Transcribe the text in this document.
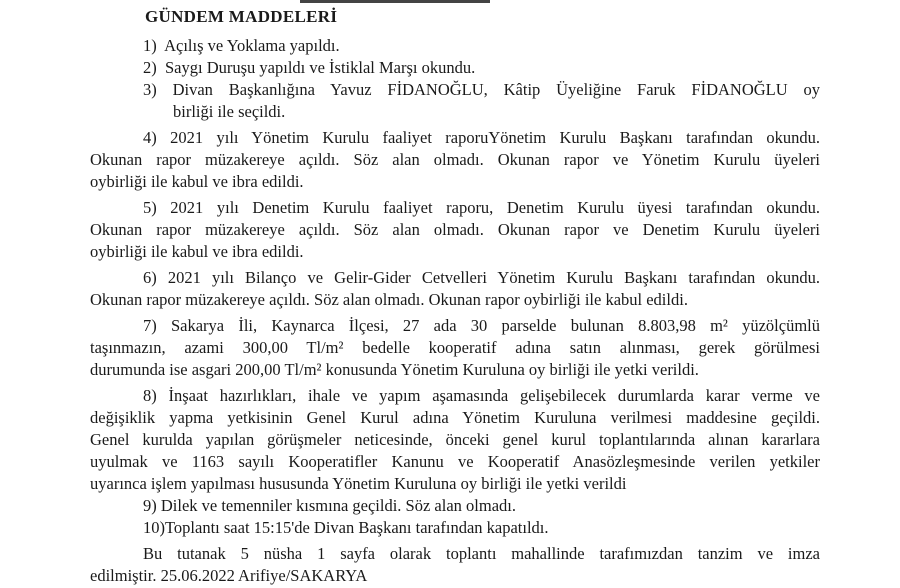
GÜNDEM MADDELERİ
1)  Açılış ve Yoklama yapıldı.
2)  Saygı Duruşu yapıldı ve İstiklal Marşı okundu.
3) Divan Başkanlığına Yavuz FİDANOĞLU, Kâtip Üyeliğine Faruk FİDANOĞLU oy
birliği ile seçildi.
4) 2021 yılı Yönetim Kurulu faaliyet raporuYönetim Kurulu Başkanı tarafından okundu.
Okunan rapor müzakereye açıldı. Söz alan olmadı. Okunan rapor ve Yönetim Kurulu üyeleri
oybirliği ile kabul ve ibra edildi.
5) 2021 yılı Denetim Kurulu faaliyet raporu, Denetim Kurulu üyesi tarafından okundu.
Okunan rapor müzakereye açıldı. Söz alan olmadı. Okunan rapor ve Denetim Kurulu üyeleri
oybirliği ile kabul ve ibra edildi.
6) 2021 yılı Bilanço ve Gelir-Gider Cetvelleri Yönetim Kurulu Başkanı tarafından okundu.
Okunan rapor müzakereye açıldı. Söz alan olmadı. Okunan rapor oybirliği ile kabul edildi.
7) Sakarya İli, Kaynarca İlçesi, 27 ada 30 parselde bulunan 8.803,98 m² yüzölçümlü
taşınmazın, azami 300,00 Tl/m² bedelle kooperatif adına satın alınması, gerek görülmesi
durumunda ise asgari 200,00 Tl/m² konusunda Yönetim Kuruluna oy birliği ile yetki verildi.
8) İnşaat hazırlıkları, ihale ve yapım aşamasında gelişebilecek durumlarda karar verme ve
değişiklik yapma yetkisinin Genel Kurul adına Yönetim Kuruluna verilmesi maddesine geçildi.
Genel kurulda yapılan görüşmeler neticesinde, önceki genel kurul toplantılarında alınan kararlara
uyulmak ve 1163 sayılı Kooperatifler Kanunu ve Kooperatif Anasözleşmesinde verilen yetkiler
uyarınca işlem yapılması hususunda Yönetim Kuruluna oy birliği ile yetki verildi
9) Dilek ve temenniler kısmına geçildi. Söz alan olmadı.
10)Toplantı saat 15:15'de Divan Başkanı tarafından kapatıldı.
Bu tutanak 5 nüsha 1 sayfa olarak toplantı mahallinde tarafımızdan tanzim ve imza
edilmiştir. 25.06.2022 Arifiye/SAKARYA
